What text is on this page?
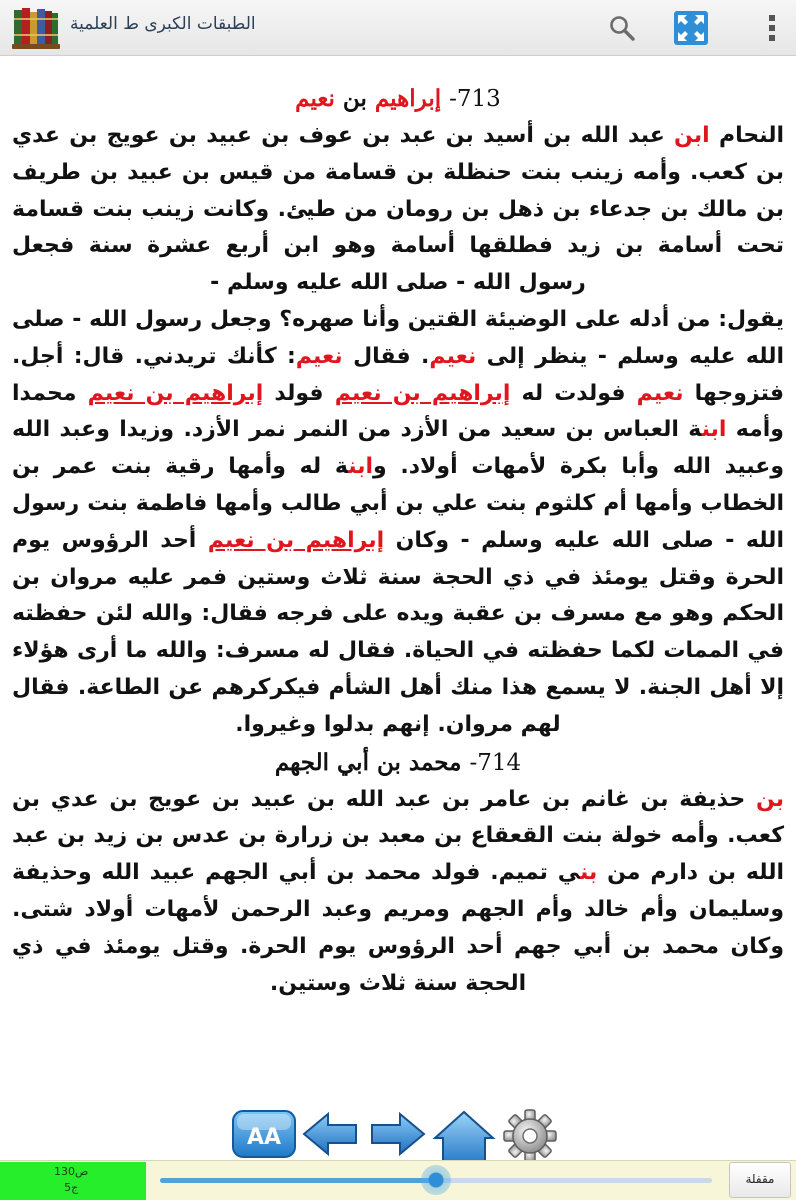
الطبقات الكبرى ط العلمية
713- إبراهيم بن نعيم
النحام ابن عبد الله بن أسيد بن عبد بن عوف بن عبيد بن عويج بن عدي بن كعب. وأمه زينب بنت حنظلة بن قسامة من قيس بن عبيد بن طريف بن مالك بن جدعاء بن ذهل بن رومان من طيئ. وكانت زينب بنت قسامة تحت أسامة بن زيد فطلقها أسامة وهو ابن أربع عشرة سنة فجعل رسول الله - صلى الله عليه وسلم -
يقول: من أدله على الوضيئة القتين وأنا صهره؟ وجعل رسول الله - صلى الله عليه وسلم - ينظر إلى نعيم. فقال نعيم: كأنك تريدني. قال: أجل. فتزوجها نعيم فولدت له إبراهيم بن نعيم فولد إبراهيم بن نعيم محمدا وأمه ابنة العباس بن سعيد من الأزد من النمر نمر الأزد. وزيدا وعبد الله وعبيد الله وأبا بكرة لأمهات أولاد. وابنة له وأمها رقية بنت عمر بن الخطاب وأمها أم كلثوم بنت علي بن أبي طالب وأمها فاطمة بنت رسول الله - صلى الله عليه وسلم - وكان إبراهيم بن نعيم أحد الرؤوس يوم الحرة وقتل يومئذ في ذي الحجة سنة ثلاث وستين فمر عليه مروان بن الحكم وهو مع مسرف بن عقبة ويده على فرجه فقال: والله لئن حفظته في الممات لكما حفظته في الحياة. فقال له مسرف: والله ما أرى هؤلاء إلا أهل الجنة. لا يسمع هذا منك أهل الشأم فيكركرهم عن الطاعة. فقال لهم مروان. إنهم بدلوا وغيروا.
714- محمد بن أبي الجهم
بن حذيفة بن غانم بن عامر بن عبد الله بن عبيد بن عويج بن عدي بن كعب. وأمه خولة بنت القعقاع بن معبد بن زرارة بن عدس بن زيد بن عبد الله بن دارم من بني تميم. فولد محمد بن أبي الجهم عبيد الله وحذيفة وسليمان وأم خالد وأم الجهم ومريم وعبد الرحمن لأمهات أولاد شتى. وكان محمد بن أبي جهم أحد الرؤوس يوم الحرة. وقتل يومئذ في ذي الحجة سنة ثلاث وستين.
AA
ص130
ج5
مقفلة
